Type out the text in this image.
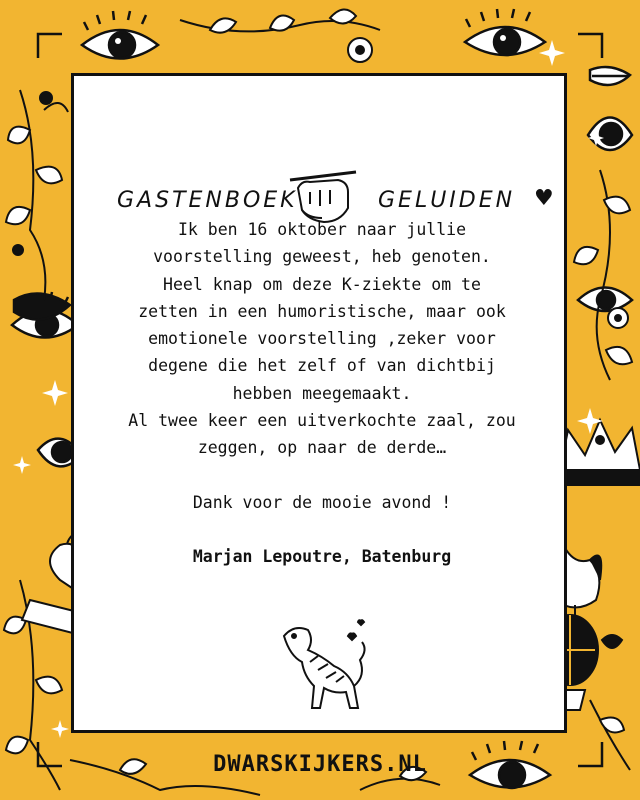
GASTENBOEK	GELUIDEN ♥

Ik ben 16 oktober naar jullie

voorstelling geweest, heb genoten.

Heel knap om deze K-ziekte om te

zetten in een humoristische, maar ook

emotionele voorstelling ,zeker voor

degene die het zelf of van dichtbij

hebben meegemaakt.

Al twee keer een uitverkochte zaal, zou

zeggen, op naar de derde…

Dank voor de mooie avond !

Marjan Lepoutre, Batenburg

DWARSKIJKERS.NL
